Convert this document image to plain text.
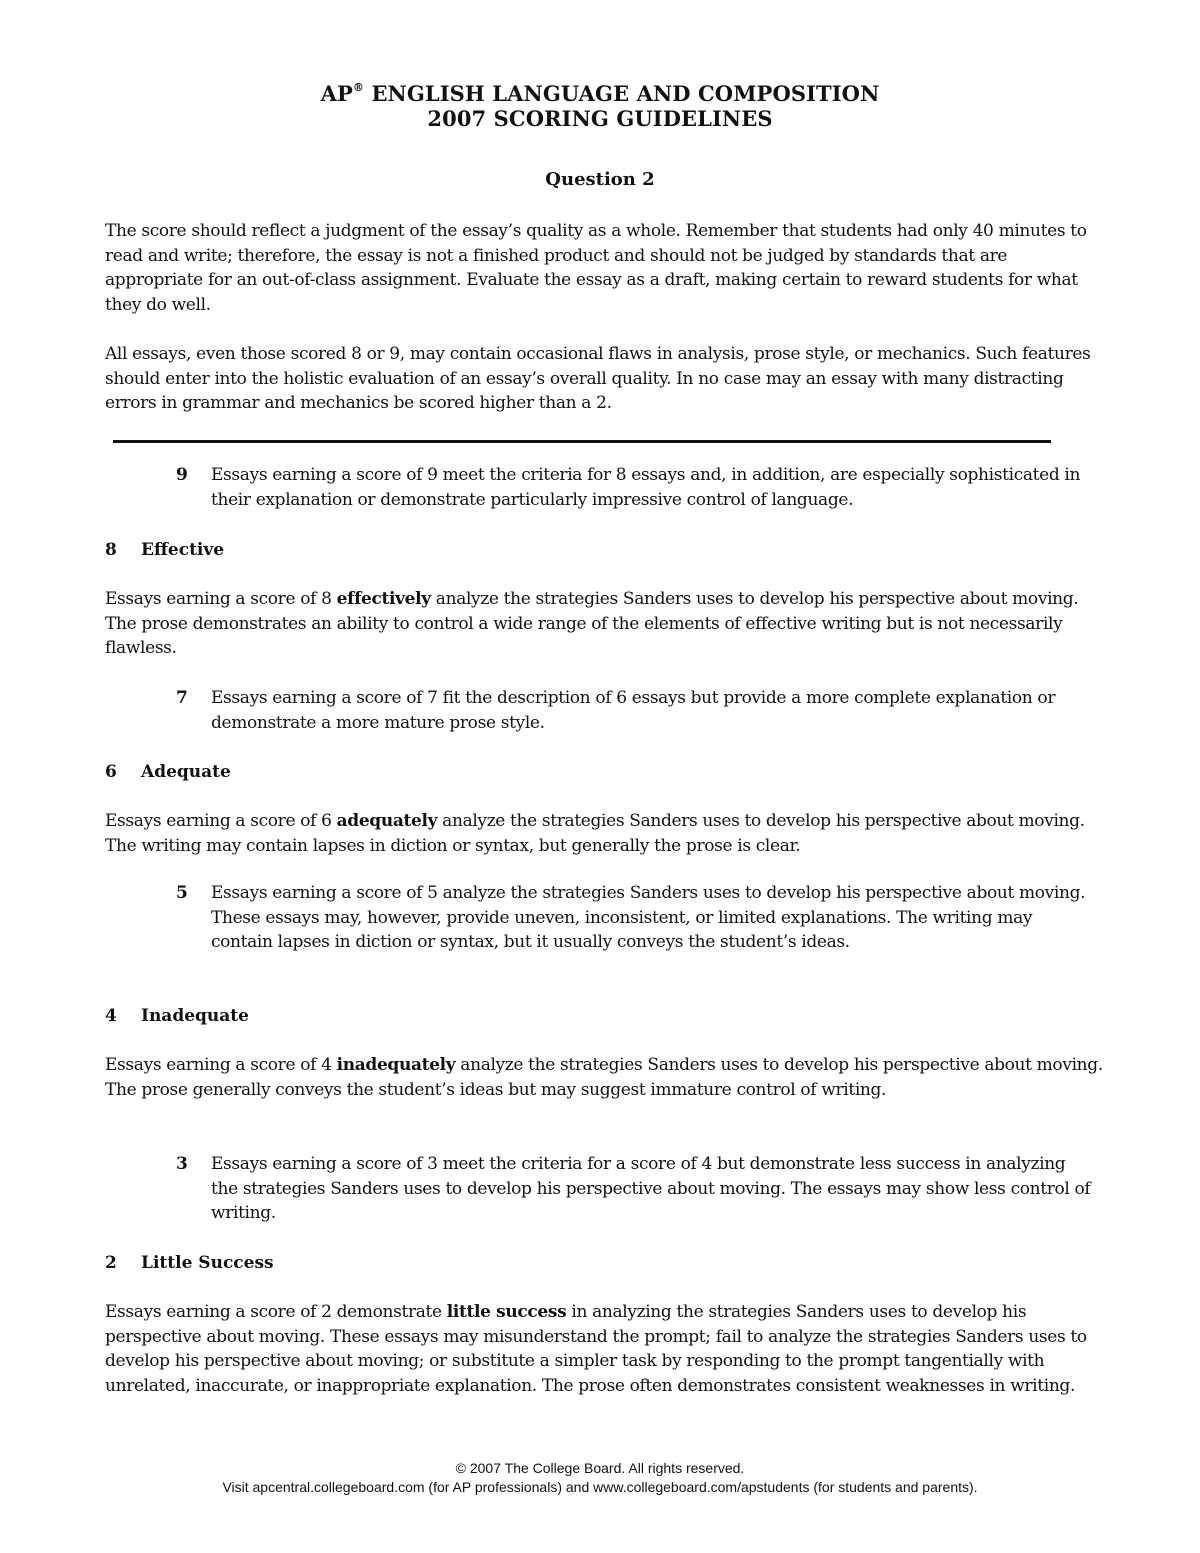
AP® ENGLISH LANGUAGE AND COMPOSITION
2007 SCORING GUIDELINES
Question 2

The score should reflect a judgment of the essay’s quality as a whole. Remember that students had only 40 minutes to read and write; therefore, the essay is not a finished product and should not be judged by standards that are appropriate for an out-of-class assignment. Evaluate the essay as a draft, making certain to reward students for what they do well.

All essays, even those scored 8 or 9, may contain occasional flaws in analysis, prose style, or mechanics. Such features should enter into the holistic evaluation of an essay’s overall quality. In no case may an essay with many distracting errors in grammar and mechanics be scored higher than a 2.

9 Essays earning a score of 9 meet the criteria for 8 essays and, in addition, are especially sophisticated in their explanation or demonstrate particularly impressive control of language.
8 Effective

Essays earning a score of 8 effectively analyze the strategies Sanders uses to develop his perspective about moving. The prose demonstrates an ability to control a wide range of the elements of effective writing but is not necessarily flawless.

7 Essays earning a score of 7 fit the description of 6 essays but provide a more complete explanation or demonstrate a more mature prose style.
6 Adequate

Essays earning a score of 6 adequately analyze the strategies Sanders uses to develop his perspective about moving. The writing may contain lapses in diction or syntax, but generally the prose is clear.

5 Essays earning a score of 5 analyze the strategies Sanders uses to develop his perspective about moving. These essays may, however, provide uneven, inconsistent, or limited explanations. The writing may contain lapses in diction or syntax, but it usually conveys the student’s ideas.
4 Inadequate

Essays earning a score of 4 inadequately analyze the strategies Sanders uses to develop his perspective about moving. The prose generally conveys the student’s ideas but may suggest immature control of writing.

3 Essays earning a score of 3 meet the criteria for a score of 4 but demonstrate less success in analyzing the strategies Sanders uses to develop his perspective about moving. The essays may show less control of writing.
2 Little Success

Essays earning a score of 2 demonstrate little success in analyzing the strategies Sanders uses to develop his perspective about moving. These essays may misunderstand the prompt; fail to analyze the strategies Sanders uses to develop his perspective about moving; or substitute a simpler task by responding to the prompt tangentially with unrelated, inaccurate, or inappropriate explanation. The prose often demonstrates consistent weaknesses in writing.

© 2007 The College Board. All rights reserved.
Visit apcentral.collegeboard.com (for AP professionals) and www.collegeboard.com/apstudents (for students and parents).
